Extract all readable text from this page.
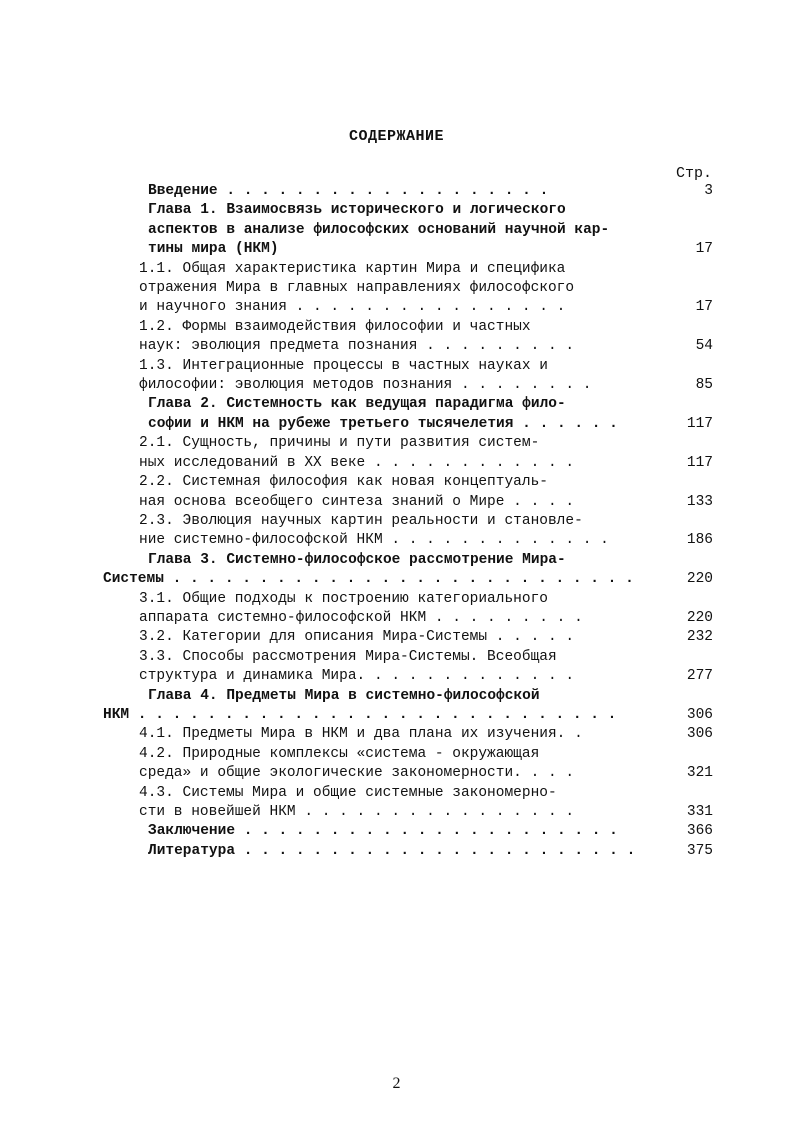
СОДЕРЖАНИЕ
Стр.
Введение . . . . . . . . . . . . . . . . . . .	3
Глава 1. Взаимосвязь исторического и логического
аспектов в анализе философских оснований научной кар-
тины мира (НКМ)	17
1.1. Общая характеристика картин Мира и специфика
отражения Мира в главных направлениях философского
и научного знания . . . . . . . . . . . . . . . .	17
1.2. Формы взаимодействия философии и частных
наук: эволюция предмета познания . . . . . . . . .	54
1.3. Интеграционные процессы в частных науках и
философии: эволюция методов познания . . . . . . . .	85
Глава 2. Системность как ведущая парадигма фило-
софии и НКМ на рубеже третьего тысячелетия . . . . . .	117
2.1. Сущность, причины и пути развития систем-
ных исследований в XX веке . . . . . . . . . . . .	117
2.2. Системная философия как новая концептуаль-
ная основа всеобщего синтеза знаний о Мире . . . .	133
2.3. Эволюция научных картин реальности и становле-
ние системно-философской НКМ . . . . . . . . . . . . .	186
Глава 3. Системно-философское рассмотрение Мира-
Системы . . . . . . . . . . . . . . . . . . . . . . . . . . .	220
3.1. Общие подходы к построению категориального
аппарата системно-философской НКМ . . . . . . . . .	220
3.2. Категории для описания Мира-Системы . . . . .	232
3.3. Способы рассмотрения Мира-Системы. Всеобщая
структура и динамика Мира. . . . . . . . . . . . .	277
Глава 4. Предметы Мира в системно-философской
НКМ . . . . . . . . . . . . . . . . . . . . . . . . . . . .	306
4.1. Предметы Мира в НКМ и два плана их изучения. .	306
4.2. Природные комплексы «система - окружающая
среда» и общие экологические закономерности. . . .	321
4.3. Системы Мира и общие системные закономерно-
сти в новейшей НКМ . . . . . . . . . . . . . . . .	331
Заключение . . . . . . . . . . . . . . . . . . . . . .	366
Литература . . . . . . . . . . . . . . . . . . . . . . .	375
2
